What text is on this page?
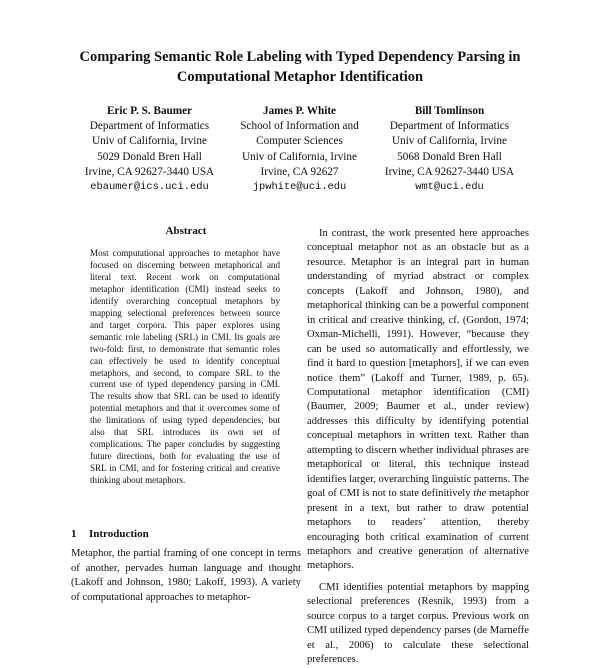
Comparing Semantic Role Labeling with Typed Dependency Parsing in
Computational Metaphor Identification
Eric P. S. Baumer
Department of Informatics
Univ of California, Irvine
5029 Donald Bren Hall
Irvine, CA 92627-3440 USA
ebaumer@ics.uci.edu
James P. White
School of Information and
Computer Sciences
Univ of California, Irvine
Irvine, CA 92627
jpwhite@uci.edu
Bill Tomlinson
Department of Informatics
Univ of California, Irvine
5068 Donald Bren Hall
Irvine, CA 92627-3440 USA
wmt@uci.edu
Abstract
Most computational approaches to metaphor have focused on discerning between metaphorical and literal text. Recent work on computational metaphor identification (CMI) instead seeks to identify overarching conceptual metaphors by mapping selectional preferences between source and target corpora. This paper explores using semantic role labeling (SRL) in CMI. Its goals are two-fold: first, to demonstrate that semantic roles can effectively be used to identify conceptual metaphors, and second, to compare SRL to the current use of typed dependency parsing in CMI. The results show that SRL can be used to identify potential metaphors and that it overcomes some of the limitations of using typed dependencies, but also that SRL introduces its own set of complications. The paper concludes by suggesting future directions, both for evaluating the use of SRL in CMI, and for fostering critical and creative thinking about metaphors.
1 Introduction
Metaphor, the partial framing of one concept in terms of another, pervades human language and thought (Lakoff and Johnson, 1980; Lakoff, 1993). A variety of computational approaches to metaphor-

In contrast, the work presented here approaches conceptual metaphor not as an obstacle but as a resource. Metaphor is an integral part in human understanding of myriad abstract or complex concepts (Lakoff and Johnson, 1980), and metaphorical thinking can be a powerful component in critical and creative thinking, cf. (Gordon, 1974; Oxman-Michelli, 1991). However, “because they can be used so automatically and effortlessly, we find it hard to question [metaphors], if we can even notice them” (Lakoff and Turner, 1989, p. 65). Computational metaphor identification (CMI) (Baumer, 2009; Baumer et al., under review) addresses this difficulty by identifying potential conceptual metaphors in written text. Rather than attempting to discern whether individual phrases are metaphorical or literal, this technique instead identifies larger, overarching linguistic patterns. The goal of CMI is not to state definitively the metaphor present in a text, but rather to draw potential metaphors to readers’ attention, thereby encouraging both critical examination of current metaphors and creative generation of alternative metaphors.

CMI identifies potential metaphors by mapping selectional preferences (Resnik, 1993) from a source corpus to a target corpus. Previous work on CMI utilized typed dependency parses (de Marneffe et al., 2006) to calculate these selectional preferences.
